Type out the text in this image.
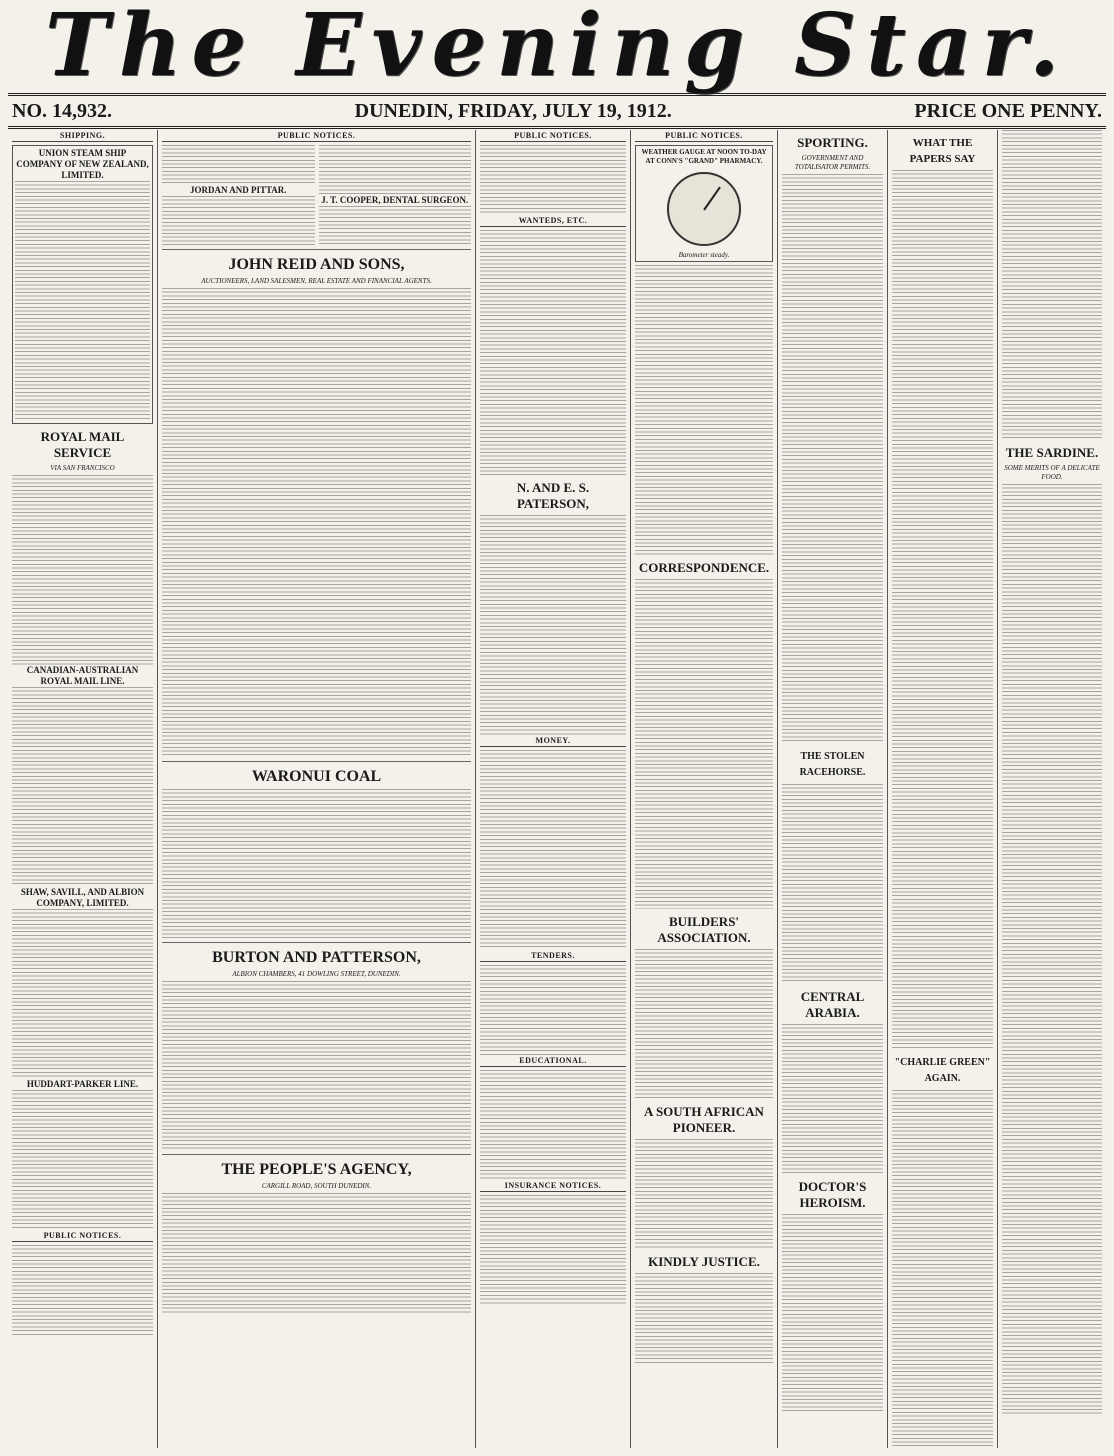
The Evening Star.
NO. 14,932.	DUNEDIN, FRIDAY, JULY 19, 1912.	PRICE ONE PENNY.
SHIPPING.
UNION STEAM SHIP COMPANY OF NEW ZEALAND, LIMITED.
ROYAL MAIL SERVICE
VIA SAN FRANCISCO
CANADIAN-AUSTRALIAN ROYAL MAIL LINE.
SHAW, SAVILL, AND ALBION COMPANY, LIMITED.
HUDDART-PARKER LINE.
PUBLIC NOTICES.
PUBLIC NOTICES.
JORDAN AND PITTAR.
J. T. COOPER, DENTAL SURGEON.
JOHN REID AND SONS,
AUCTIONEERS, LAND SALESMEN, REAL ESTATE AND FINANCIAL AGENTS.
WARONUI COAL
BURTON AND PATTERSON,
ALBION CHAMBERS, 41 DOWLING STREET, DUNEDIN.
THE PEOPLE'S AGENCY,
CARGILL ROAD, SOUTH DUNEDIN.
PUBLIC NOTICES.
WANTEDS, ETC.
N. AND E. S. PATERSON,
MONEY.
TENDERS.
EDUCATIONAL.
INSURANCE NOTICES.
PUBLIC NOTICES.
WEATHER GAUGE AT NOON TO-DAY AT CONN'S "GRAND" PHARMACY.
Barometer steady.
CORRESPONDENCE.
BUILDERS' ASSOCIATION.
A SOUTH AFRICAN PIONEER.
KINDLY JUSTICE.
SPORTING.
GOVERNMENT AND TOTALISATOR PERMITS.
THE STOLEN RACEHORSE.
CENTRAL ARABIA.
DOCTOR'S HEROISM.
WHAT THE PAPERS SAY
"CHARLIE GREEN" AGAIN.
THE SARDINE.
SOME MERITS OF A DELICATE FOOD.
